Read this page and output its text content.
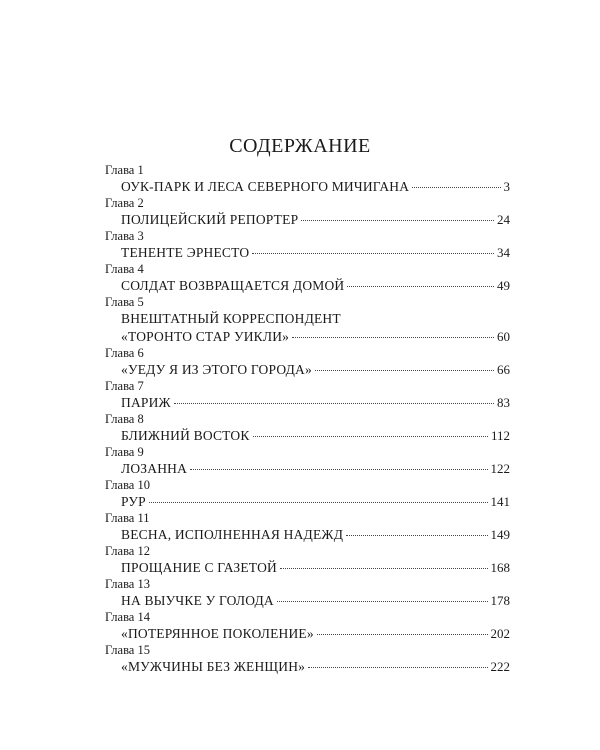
СОДЕРЖАНИЕ
Глава 1
ОУК-ПАРК И ЛЕСА СЕВЕРНОГО МИЧИГАНА	3
Глава 2
ПОЛИЦЕЙСКИЙ РЕПОРТЕР	24
Глава 3
ТЕНЕНТЕ ЭРНЕСТО	34
Глава 4
СОЛДАТ ВОЗВРАЩАЕТСЯ ДОМОЙ	49
Глава 5
ВНЕШТАТНЫЙ КОРРЕСПОНДЕНТ
«ТОРОНТО СТАР УИКЛИ»	60
Глава 6
«УЕДУ Я ИЗ ЭТОГО ГОРОДА»	66
Глава 7
ПАРИЖ	83
Глава 8
БЛИЖНИЙ ВОСТОК	112
Глава 9
ЛОЗАННА	122
Глава 10
РУР	141
Глава 11
ВЕСНА, ИСПОЛНЕННАЯ НАДЕЖД	149
Глава 12
ПРОЩАНИЕ С ГАЗЕТОЙ	168
Глава 13
НА ВЫУЧКЕ У ГОЛОДА	178
Глава 14
«ПОТЕРЯННОЕ ПОКОЛЕНИЕ»	202
Глава 15
«МУЖЧИНЫ БЕЗ ЖЕНЩИН»	222
